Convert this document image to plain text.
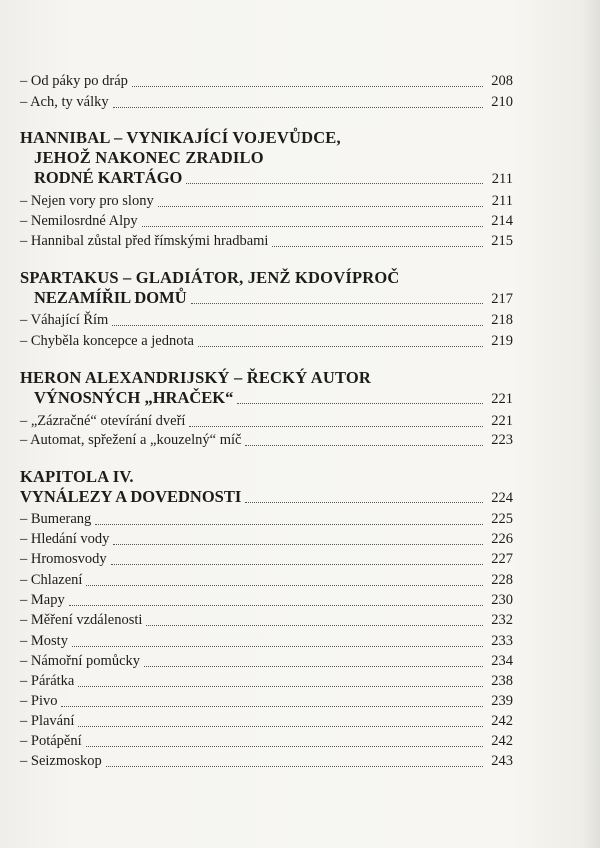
– Od páky po dráp	208
– Ach, ty války	210
HANNIBAL – VYNIKAJÍCÍ VOJEVŮDCE,
JEHOŽ NAKONEC ZRADILO
RODNÉ KARTÁGO	211
– Nejen vory pro slony	211
– Nemilosrdné Alpy	214
– Hannibal zůstal před římskými hradbami	215
SPARTAKUS – GLADIÁTOR, JENŽ KDOVÍPROČ
NEZAMÍŘIL DOMŮ	217
– Váhající Řím	218
– Chyběla koncepce a jednota	219
HERON ALEXANDRIJSKÝ – ŘECKÝ AUTOR
VÝNOSNÝCH „HRAČEK“	221
– „Zázračné“ otevírání dveří	221
– Automat, spřežení a „kouzelný“ míč	223
KAPITOLA IV.
VYNÁLEZY A DOVEDNOSTI	224
– Bumerang	225
– Hledání vody	226
– Hromosvody	227
– Chlazení	228
– Mapy	230
– Měření vzdálenosti	232
– Mosty	233
– Námořní pomůcky	234
– Párátka	238
– Pivo	239
– Plavání	242
– Potápění	242
– Seizmoskop	243
